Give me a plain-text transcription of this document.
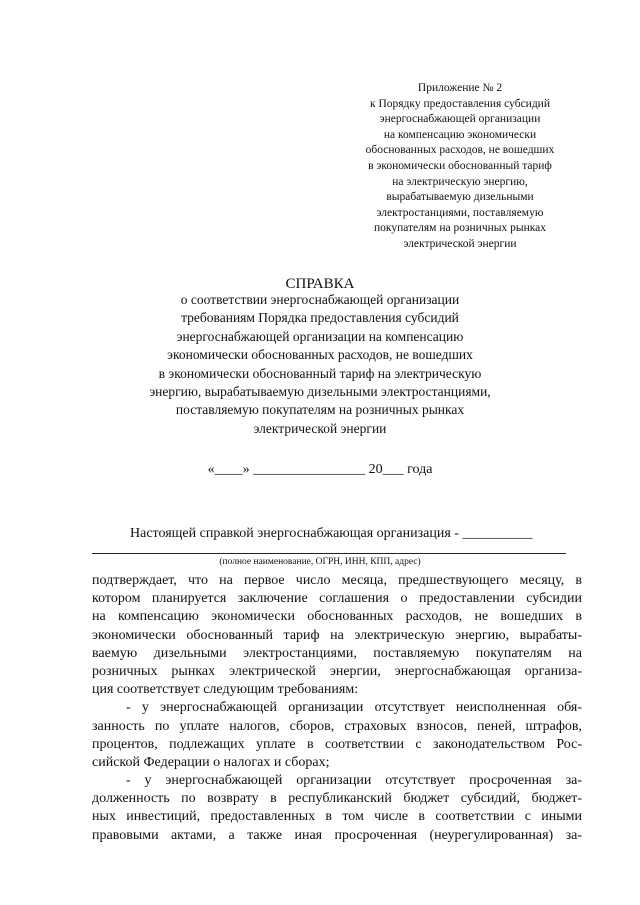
Приложение № 2
к Порядку предоставления субсидий
энергоснабжающей организации
на компенсацию экономически
обоснованных расходов, не вошедших
в экономически обоснованный тариф
на электрическую энергию,
вырабатываемую дизельными
электростанциями, поставляемую
покупателям на розничных рынках
электрической энергии
СПРАВКА
о соответствии энергоснабжающей организации
требованиям Порядка предоставления субсидий
энергоснабжающей организации на компенсацию
экономически обоснованных расходов, не вошедших
в экономически обоснованный тариф на электрическую
энергию, вырабатываемую дизельными электростанциями,
поставляемую покупателям на розничных рынках
электрической энергии
«____» ________________ 20___ года
Настоящей справкой энергоснабжающая организация - __________
(полное наименование, ОГРН, ИНН, КПП, адрес)
подтверждает, что на первое число месяца, предшествующего месяцу, в
котором планируется заключение соглашения о предоставлении субсидии
на компенсацию экономически обоснованных расходов, не вошедших в
экономически обоснованный тариф на электрическую энергию, вырабаты-
ваемую дизельными электростанциями, поставляемую покупателям на
розничных рынках электрической энергии, энергоснабжающая организа-
ция соответствует следующим требованиям:
- у энергоснабжающей организации отсутствует неисполненная обя-
занность по уплате налогов, сборов, страховых взносов, пеней, штрафов,
процентов, подлежащих уплате в соответствии с законодательством Рос-
сийской Федерации о налогах и сборах;
- у энергоснабжающей организации отсутствует просроченная за-
долженность по возврату в республиканский бюджет субсидий, бюджет-
ных инвестиций, предоставленных в том числе в соответствии с иными
правовыми актами, а также иная просроченная (неурегулированная) за-
